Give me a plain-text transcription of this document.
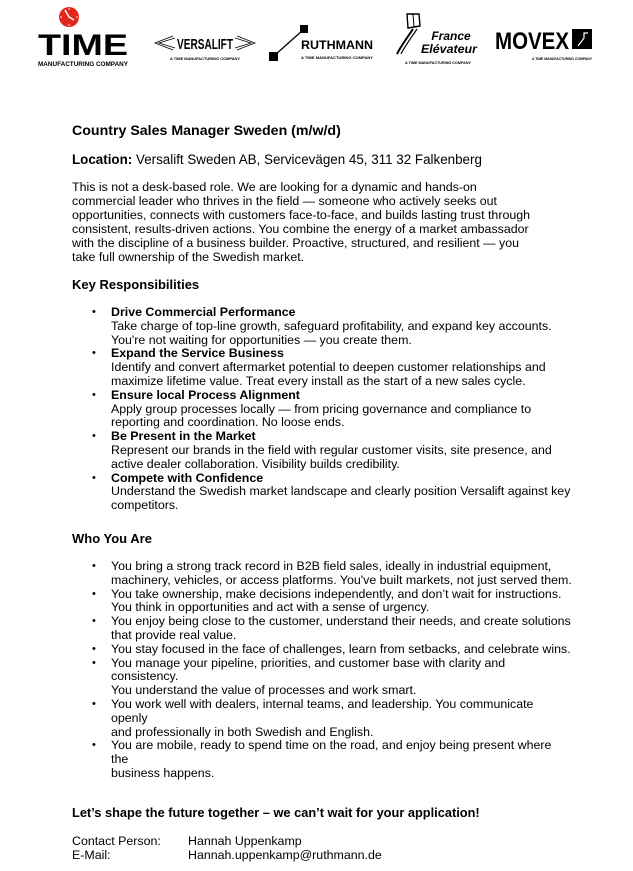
TIME
MANUFACTURING COMPANY
VERSALIFT
A TIME MANUFACTURING COMPANY
RUTHMANN
A TIME MANUFACTURING COMPANY
France
Elévateur
A TIME MANUFACTURING COMPANY
MOVEX
A TIME MANUFACTURING COMPANY
Country Sales Manager Sweden (m/w/d)
Location: Versalift Sweden AB, Servicevägen 45, 311 32 Falkenberg
This is not a desk-based role. We are looking for a dynamic and hands-on
commercial leader who thrives in the field — someone who actively seeks out
opportunities, connects with customers face-to-face, and builds lasting trust through
consistent, results-driven actions. You combine the energy of a market ambassador
with the discipline of a business builder. Proactive, structured, and resilient — you
take full ownership of the Swedish market.
Key Responsibilities
• Drive Commercial Performance
Take charge of top-line growth, safeguard profitability, and expand key accounts.
You're not waiting for opportunities — you create them.
• Expand the Service Business
Identify and convert aftermarket potential to deepen customer relationships and
maximize lifetime value. Treat every install as the start of a new sales cycle.
• Ensure local Process Alignment
Apply group processes locally — from pricing governance and compliance to
reporting and coordination. No loose ends.
• Be Present in the Market
Represent our brands in the field with regular customer visits, site presence, and
active dealer collaboration. Visibility builds credibility.
• Compete with Confidence
Understand the Swedish market landscape and clearly position Versalift against key
competitors.
Who You Are
• You bring a strong track record in B2B field sales, ideally in industrial equipment,
machinery, vehicles, or access platforms. You've built markets, not just served them.
• You take ownership, make decisions independently, and don’t wait for instructions.
You think in opportunities and act with a sense of urgency.
• You enjoy being close to the customer, understand their needs, and create solutions
that provide real value.
• You stay focused in the face of challenges, learn from setbacks, and celebrate wins.
• You manage your pipeline, priorities, and customer base with clarity and consistency.
You understand the value of processes and work smart.
• You work well with dealers, internal teams, and leadership. You communicate openly
and professionally in both Swedish and English.
• You are mobile, ready to spend time on the road, and enjoy being present where the
business happens.
Let’s shape the future together – we can’t wait for your application!
Contact Person:	Hannah Uppenkamp
E-Mail:	Hannah.uppenkamp@ruthmann.de
